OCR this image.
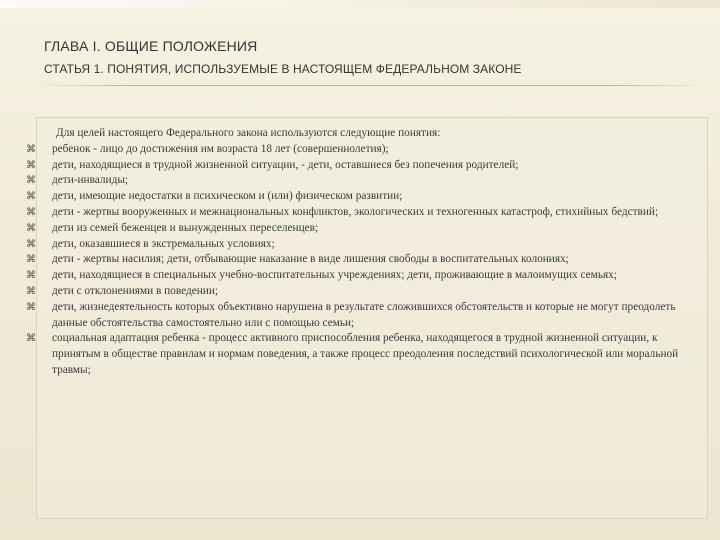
ГЛАВА I. ОБЩИЕ ПОЛОЖЕНИЯ
СТАТЬЯ 1. ПОНЯТИЯ, ИСПОЛЬЗУЕМЫЕ В НАСТОЯЩЕМ ФЕДЕРАЛЬНОМ ЗАКОНЕ

Для целей настоящего Федерального закона используются следующие понятия:

⌘ ребенок - лицо до достижения им возраста 18 лет (совершеннолетия);
⌘ дети, находящиеся в трудной жизненной ситуации, - дети, оставшиеся без попечения родителей;
⌘ дети-инвалиды;
⌘ дети, имеющие недостатки в психическом и (или) физическом развитии;
⌘ дети - жертвы вооруженных и межнациональных конфликтов, экологических и техногенных катастроф, стихийных бедствий;
⌘ дети из семей беженцев и вынужденных переселенцев;
⌘ дети, оказавшиеся в экстремальных условиях;
⌘ дети - жертвы насилия; дети, отбывающие наказание в виде лишения свободы в воспитательных колониях;
⌘ дети, находящиеся в специальных учебно-воспитательных учреждениях; дети, проживающие в малоимущих семьях;
⌘ дети с отклонениями в поведении;
⌘ дети, жизнедеятельность которых объективно нарушена в результате сложившихся обстоятельств и которые не могут преодолеть данные обстоятельства самостоятельно или с помощью семьи;
⌘ социальная адаптация ребенка - процесс активного приспособления ребенка, находящегося в трудной жизненной ситуации, к принятым в обществе правилам и нормам поведения, а также процесс преодоления последствий психологической или моральной травмы;
